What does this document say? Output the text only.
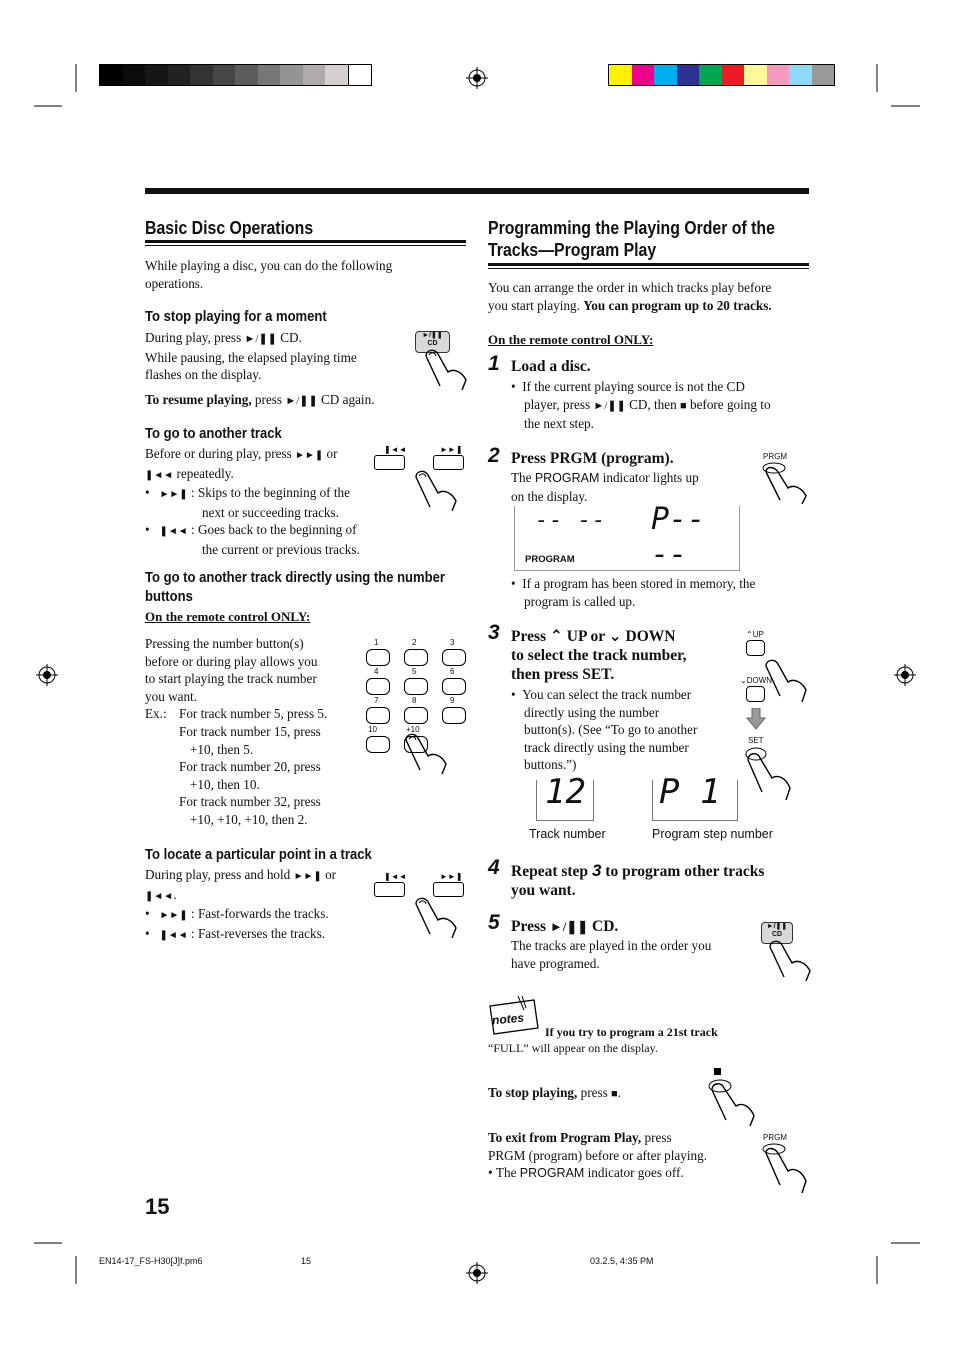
Basic Disc Operations
While playing a disc, you can do the following
operations.
To stop playing for a moment
During play, press ►/❚❚ CD.
While pausing, the elapsed playing time
flashes on the display.
To resume playing, press ►/❚❚ CD again.
►/❚❚
CD
To go to another track
Before or during play, press ►►❚ or
❚◄◄ repeatedly.
• ►►❚ : Skips to the beginning of the
next or succeeding tracks.
• ❚◄◄ : Goes back to the beginning of
the current or previous tracks.
❚◄◄	►►❚
To go to another track directly using the number
buttons
On the remote control ONLY:
Pressing the number button(s)
before or during play allows you
to start playing the track number
you want.
Ex.: For track number 5, press 5.
For track number 15, press
+10, then 5.
For track number 20, press
+10, then 10.
For track number 32, press
+10, +10, +10, then 2.
1	2	3
4	5	6
7	8	9
10	+10
To locate a particular point in a track
During play, press and hold ►►❚ or
❚◄◄.
• ►►❚ : Fast-forwards the tracks.
• ❚◄◄ : Fast-reverses the tracks.
❚◄◄	►►❚
15
Programming the Playing Order of the
Tracks—Program Play
You can arrange the order in which tracks play before
you start playing. You can program up to 20 tracks.
On the remote control ONLY:
1 Load a disc.
• If the current playing source is not the CD
player, press ►/❚❚ CD, then ■ before going to
the next step.
2 Press PRGM (program).
The PROGRAM indicator lights up
on the display.
PRGM
-- -- P-- --
PROGRAM
• If a program has been stored in memory, the
program is called up.
3 Press ⌃ UP or ⌄ DOWN
to select the track number,
then press SET.
• You can select the track number
directly using the number
button(s). (See “To go to another
track directly using the number
buttons.”)
⌃UP
⌄DOWN
SET
12 P 1
Track number	Program step number
4 Repeat step 3 to program other tracks
you want.
5 Press ►/❚❚ CD.
The tracks are played in the order you
have programed.
►/❚❚
CD
notes
If you try to program a 21st track
“FULL” will appear on the display.
To stop playing, press ■.
To exit from Program Play, press
PRGM (program) before or after playing.
• The PROGRAM indicator goes off.
PRGM
EN14-17_FS-H30[J]f.pm6	15	03.2.5, 4:35 PM
